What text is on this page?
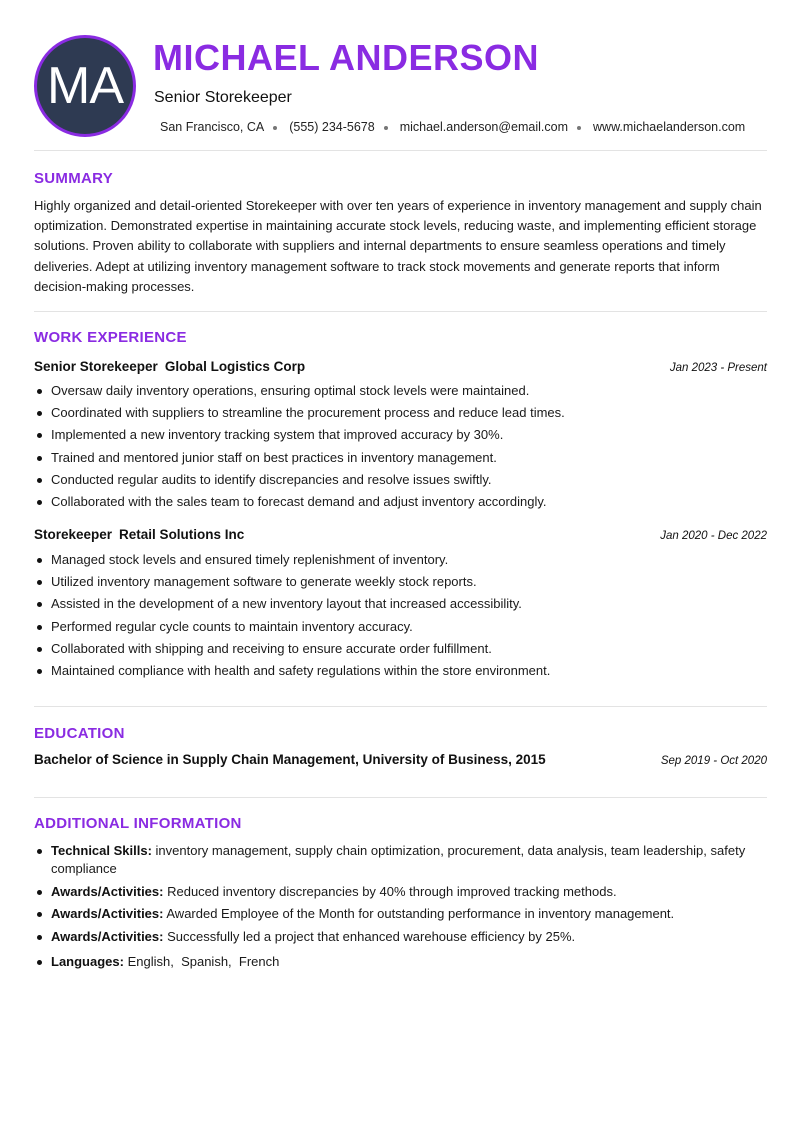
MA MICHAEL ANDERSON
Senior Storekeeper
San Francisco, CA (555) 234-5678 michael.anderson@email.com www.michaelanderson.com
SUMMARY

Highly organized and detail-oriented Storekeeper with over ten years of experience in inventory management and supply chain optimization. Demonstrated expertise in maintaining accurate stock levels, reducing waste, and implementing efficient storage solutions. Proven ability to collaborate with suppliers and internal departments to ensure seamless operations and timely deliveries. Adept at utilizing inventory management software to track stock movements and generate reports that inform decision-making processes.

WORK EXPERIENCE
Senior Storekeeper Global Logistics Corp	Jan 2023 - Present
Oversaw daily inventory operations, ensuring optimal stock levels were maintained.
Coordinated with suppliers to streamline the procurement process and reduce lead times.
Implemented a new inventory tracking system that improved accuracy by 30%.
Trained and mentored junior staff on best practices in inventory management.
Conducted regular audits to identify discrepancies and resolve issues swiftly.
Collaborated with the sales team to forecast demand and adjust inventory accordingly.
Storekeeper Retail Solutions Inc	Jan 2020 - Dec 2022
Managed stock levels and ensured timely replenishment of inventory.
Utilized inventory management software to generate weekly stock reports.
Assisted in the development of a new inventory layout that increased accessibility.
Performed regular cycle counts to maintain inventory accuracy.
Collaborated with shipping and receiving to ensure accurate order fulfillment.
Maintained compliance with health and safety regulations within the store environment.
EDUCATION
Bachelor of Science in Supply Chain Management, University of Business, 2015	Sep 2019 - Oct 2020
ADDITIONAL INFORMATION
Technical Skills: inventory management, supply chain optimization, procurement, data analysis, team leadership, safety compliance
Awards/Activities: Reduced inventory discrepancies by 40% through improved tracking methods.
Awards/Activities: Awarded Employee of the Month for outstanding performance in inventory management.
Awards/Activities: Successfully led a project that enhanced warehouse efficiency by 25%.
Languages: English,  Spanish,  French
